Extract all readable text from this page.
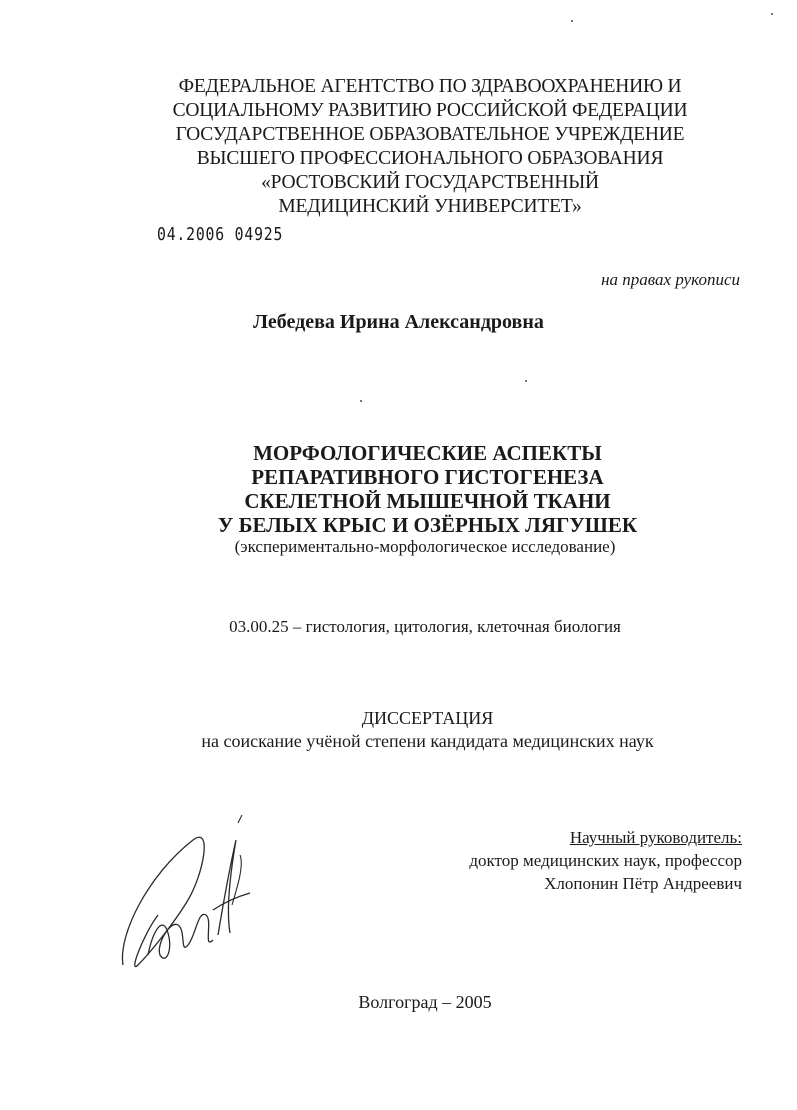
ФЕДЕРАЛЬНОЕ АГЕНТСТВО ПО ЗДРАВООХРАНЕНИЮ И
СОЦИАЛЬНОМУ РАЗВИТИЮ РОССИЙСКОЙ ФЕДЕРАЦИИ
ГОСУДАРСТВЕННОЕ ОБРАЗОВАТЕЛЬНОЕ УЧРЕЖДЕНИЕ
ВЫСШЕГО ПРОФЕССИОНАЛЬНОГО ОБРАЗОВАНИЯ
«РОСТОВСКИЙ ГОСУДАРСТВЕННЫЙ
МЕДИЦИНСКИЙ УНИВЕРСИТЕТ»
04.2006 04925
на правах рукописи
Лебедева Ирина Александровна
МОРФОЛОГИЧЕСКИЕ АСПЕКТЫ
РЕПАРАТИВНОГО ГИСТОГЕНЕЗА
СКЕЛЕТНОЙ МЫШЕЧНОЙ ТКАНИ
У БЕЛЫХ КРЫС И ОЗЁРНЫХ ЛЯГУШЕК
(экспериментально-морфологическое исследование)
03.00.25 – гистология, цитология, клеточная биология
ДИССЕРТАЦИЯ
на соискание учёной степени кандидата медицинских наук
Научный руководитель:
доктор медицинских наук, профессор
Хлопонин Пётр Андреевич
Волгоград – 2005
